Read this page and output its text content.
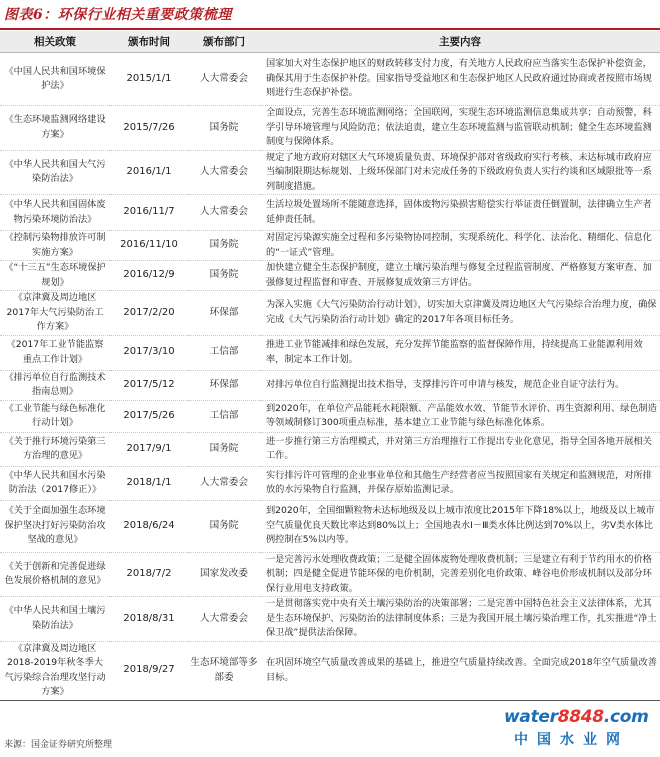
图表6：环保行业相关重要政策梳理
相关政策	颁布时间	颁布部门	主要内容
《中国人民共和国环境保护法》	2015/1/1	人大常委会	国家加大对生态保护地区的财政转移支付力度，有关地方人民政府应当落实生态保护补偿资金，确保其用于生态保护补偿。国家指导受益地区和生态保护地区人民政府通过协商或者按照市场规则进行生态保护补偿。
《生态环境监测网络建设方案》	2015/7/26	国务院	全面设点，完善生态环境监测网络；全国联网，实现生态环境监测信息集成共享；自动预警，科学引导环境管理与风险防范；依法追责，建立生态环境监测与监管联动机制；健全生态环境监测制度与保障体系。
《中华人民共和国大气污染防治法》	2016/1/1	人大常委会	规定了地方政府对辖区大气环境质量负责、环境保护部对省级政府实行考核、未达标城市政府应当编制限期达标规划、上级环保部门对未完成任务的下级政府负责人实行约谈和区域限批等一系列制度措施。
《中华人民共和国固体废物污染环境防治法》	2016/11/7	人大常委会	生活垃圾处置场所不能随意选择，固体废物污染损害赔偿实行举证责任倒置制，法律确立生产者延伸责任制。
《控制污染物排放许可制实施方案》	2016/11/10	国务院	对固定污染源实施全过程和多污染物协同控制，实现系统化、科学化、法治化、精细化、信息化的“一证式”管理。
《“十三五”生态环境保护规划》	2016/12/9	国务院	加快建立健全生态保护制度，建立土壤污染治理与修复全过程监管制度、严格修复方案审查、加强修复过程监督和审查、开展修复成效第三方评估。
《京津冀及周边地区2017年大气污染防治工作方案》	2017/2/20	环保部	为深入实施《大气污染防治行动计划》，切实加大京津冀及周边地区大气污染综合治理力度，确保完成《大气污染防治行动计划》确定的2017年各项目标任务。
《2017年工业节能监察重点工作计划》	2017/3/10	工信部	推进工业节能减排和绿色发展，充分发挥节能监察的监督保障作用，持续提高工业能源利用效率，制定本工作计划。
《排污单位自行监测技术指南总则》	2017/5/12	环保部	对排污单位自行监测提出技术指导，支撑排污许可申请与核发，规范企业自证守法行为。
《工业节能与绿色标准化行动计划》	2017/5/26	工信部	到2020年，在单位产品能耗水耗限额、产品能效水效、节能节水评价、再生资源利用、绿色制造等领域制修订300项重点标准，基本建立工业节能与绿色标准化体系。
《关于推行环境污染第三方治理的意见》	2017/9/1	国务院	进一步推行第三方治理模式，并对第三方治理推行工作提出专业化意见，指导全国各地开展相关工作。
《中华人民共和国水污染防治法（2017修正）》	2018/1/1	人大常委会	实行排污许可管理的企业事业单位和其他生产经营者应当按照国家有关规定和监测规范，对所排放的水污染物自行监测，并保存原始监测记录。
《关于全面加强生态环境保护坚决打好污染防治攻坚战的意见》	2018/6/24	国务院	到2020年，全国细颗粒物未达标地级及以上城市浓度比2015年下降18%以上，地级及以上城市空气质量优良天数比率达到80%以上；全国地表水Ⅰ－Ⅲ类水体比例达到70%以上，劣Ⅴ类水体比例控制在5%以内等。
《关于创新和完善促进绿色发展价格机制的意见》	2018/7/2	国家发改委	一是完善污水处理收费政策；二是健全固体废物处理收费机制；三是建立有利于节约用水的价格机制；四是健全促进节能环保的电价机制，完善差别化电价政策、峰谷电价形成机制以及部分环保行业用电支持政策。
《中华人民共和国土壤污染防治法》	2018/8/31	人大常委会	一是贯彻落实党中央有关土壤污染防治的决策部署；二是完善中国特色社会主义法律体系，尤其是生态环境保护、污染防治的法律制度体系；三是为我国开展土壤污染治理工作，扎实推进“净土保卫战”提供法治保障。
《京津冀及周边地区2018-2019年秋冬季大气污染综合治理攻坚行动方案》	2018/9/27	生态环境部等多部委	在巩固环境空气质量改善成果的基础上，推进空气质量持续改善。全面完成2018年空气质量改善目标。
来源：国金证券研究所整理
water8848.com
中国水业网
